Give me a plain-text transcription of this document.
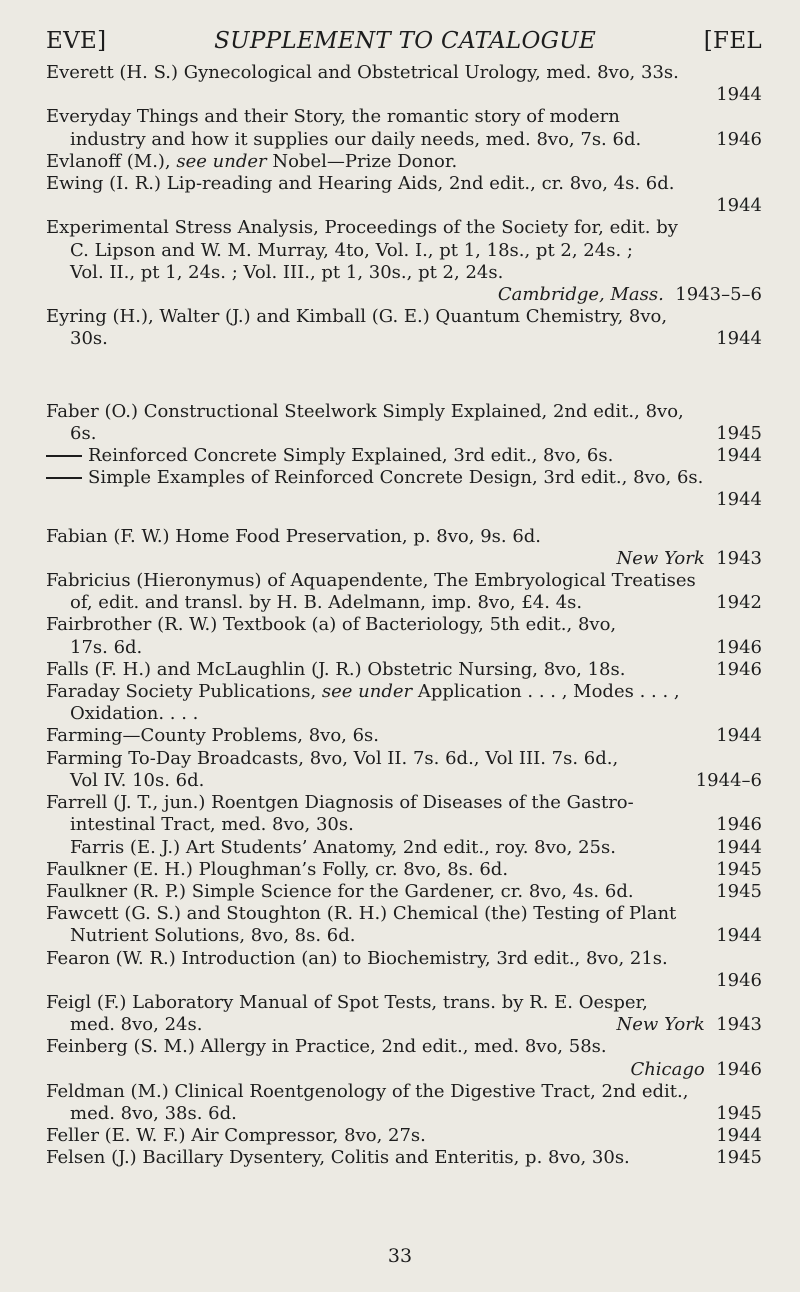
EVE]	SUPPLEMENT TO CATALOGUE	[FEL
Everett (H. S.) Gynecological and Obstetrical Urology, med. 8vo, 33s.
1944
Everyday Things and their Story, the romantic story of modern
industry and how it supplies our daily needs, med. 8vo, 7s. 6d.	1946
Evlanoff (M.), see under Nobel—Prize Donor.
Ewing (I. R.) Lip-reading and Hearing Aids, 2nd edit., cr. 8vo, 4s. 6d.
1944
Experimental Stress Analysis, Proceedings of the Society for, edit. by
C. Lipson and W. M. Murray, 4to, Vol. I., pt 1, 18s., pt 2, 24s. ;
Vol. II., pt 1, 24s. ; Vol. III., pt 1, 30s., pt 2, 24s.
Cambridge, Mass. 1943–5–6
Eyring (H.), Walter (J.) and Kimball (G. E.) Quantum Chemistry, 8vo,
30s.	1944
Faber (O.) Constructional Steelwork Simply Explained, 2nd edit., 8vo,
6s.	1945
Reinforced Concrete Simply Explained, 3rd edit., 8vo, 6s.	1944
Simple Examples of Reinforced Concrete Design, 3rd edit., 8vo, 6s.
1944
Fabian (F. W.) Home Food Preservation, p. 8vo, 9s. 6d.
New York 1943
Fabricius (Hieronymus) of Aquapendente, The Embryological Treatises
of, edit. and transl. by H. B. Adelmann, imp. 8vo, £4. 4s.	1942
Fairbrother (R. W.) Textbook (a) of Bacteriology, 5th edit., 8vo,
17s. 6d.	1946
Falls (F. H.) and McLaughlin (J. R.) Obstetric Nursing, 8vo, 18s.	1946
Faraday Society Publications, see under Application . . . , Modes . . . ,
Oxidation. . . .
Farming—County Problems, 8vo, 6s.	1944
Farming To-Day Broadcasts, 8vo, Vol II. 7s. 6d., Vol III. 7s. 6d.,
Vol IV. 10s. 6d.	1944–6
Farrell (J. T., jun.) Roentgen Diagnosis of Diseases of the Gastro-
intestinal Tract, med. 8vo, 30s.	1946
Farris (E. J.) Art Students’ Anatomy, 2nd edit., roy. 8vo, 25s.	1944
Faulkner (E. H.) Ploughman’s Folly, cr. 8vo, 8s. 6d.	1945
Faulkner (R. P.) Simple Science for the Gardener, cr. 8vo, 4s. 6d.	1945
Fawcett (G. S.) and Stoughton (R. H.) Chemical (the) Testing of Plant
Nutrient Solutions, 8vo, 8s. 6d.	1944
Fearon (W. R.) Introduction (an) to Biochemistry, 3rd edit., 8vo, 21s.
1946
Feigl (F.) Laboratory Manual of Spot Tests, trans. by R. E. Oesper,
med. 8vo, 24s.	New York 1943
Feinberg (S. M.) Allergy in Practice, 2nd edit., med. 8vo, 58s.
Chicago 1946
Feldman (M.) Clinical Roentgenology of the Digestive Tract, 2nd edit.,
med. 8vo, 38s. 6d.	1945
Feller (E. W. F.) Air Compressor, 8vo, 27s.	1944
Felsen (J.) Bacillary Dysentery, Colitis and Enteritis, p. 8vo, 30s.	1945
33
